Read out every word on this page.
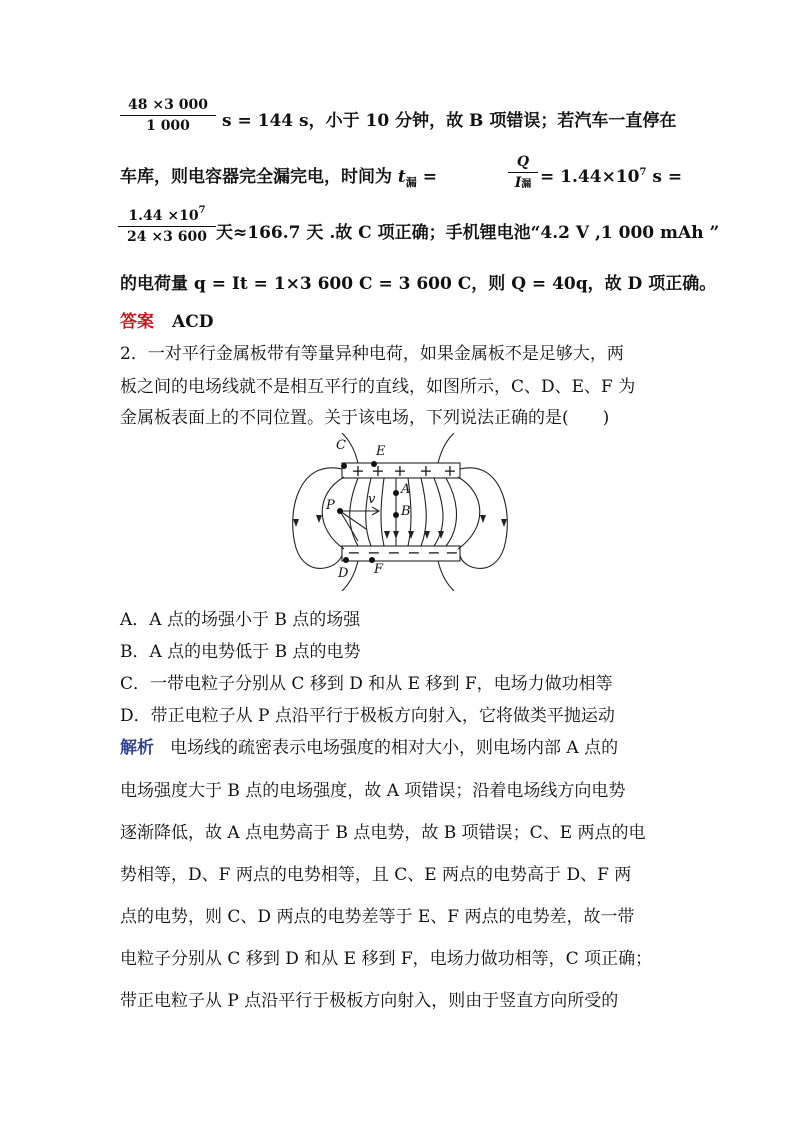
48 ×3 000
1 000	s = 144 s，小于 10 分钟，故 B 项错误；若汽车一直停在
车库，则电容器完全漏完电，时间为 $t_漏$ =
Q
I漏 = $1.44\times 10^7$ s =
$1.44 \times 10^7$
24 ×3 600 天≈166.7 天 .故 C 项正确；手机锂电池“4.2 V ,1 000 mAh ”
的电荷量 q = It = 1×3 600 C = 3 600 C，则 Q = 40q，故 D 项正确。
答案 ACD
2．一对平行金属板带有等量异种电荷，如果金属板不是足够大，两
板之间的电场线就不是相互平行的直线，如图所示，C、D、E、F 为
金属板表面上的不同位置。关于该电场，下列说法正确的是(　　)
+ + + + +
− − − − − −
C E
A
B
P	v
D F
A．A 点的场强小于 B 点的场强
B．A 点的电势低于 B 点的电势
C．一带电粒子分别从 C 移到 D 和从 E 移到 F，电场力做功相等
D．带正电粒子从 P 点沿平行于极板方向射入，它将做类平抛运动
解析 电场线的疏密表示电场强度的相对大小，则电场内部 A 点的
电场强度大于 B 点的电场强度，故 A 项错误；沿着电场线方向电势
逐渐降低，故 A 点电势高于 B 点电势，故 B 项错误；C、E 两点的电
势相等，D、F 两点的电势相等，且 C、E 两点的电势高于 D、F 两
点的电势，则 C、D 两点的电势差等于 E、F 两点的电势差，故一带
电粒子分别从 C 移到 D 和从 E 移到 F，电场力做功相等，C 项正确；
带正电粒子从 P 点沿平行于极板方向射入，则由于竖直方向所受的
